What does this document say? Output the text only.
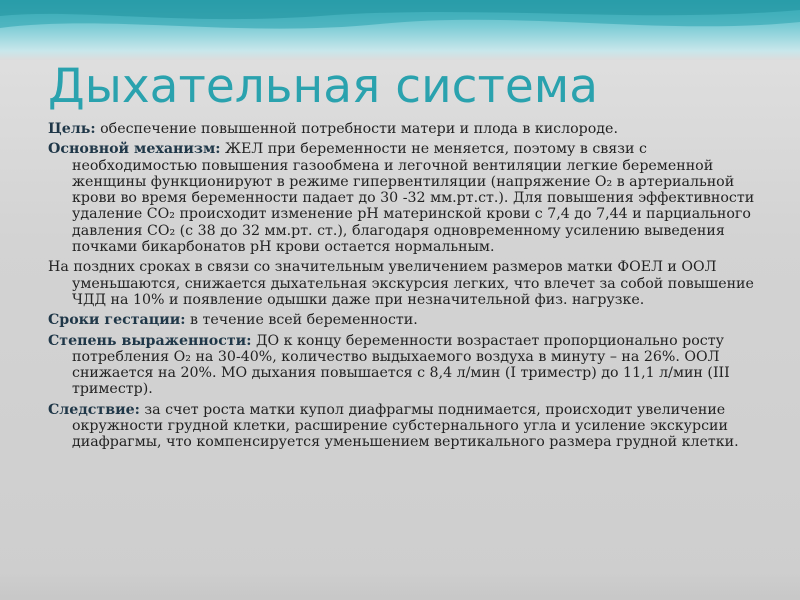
Дыхательная система

Цель: обеспечение повышенной потребности матери и плода в кислороде.

Основной механизм: ЖЕЛ при беременности не меняется, поэтому в связи с необходимостью повышения газообмена и легочной вентиляции легкие беременной женщины функционируют в режиме гипервентиляции (напряжение O₂ в артериальной крови во время беременности падает до 30 -32 мм.рт.ст.). Для повышения эффективности удаление CO₂ происходит изменение рН материнской крови с 7,4 до 7,44 и парциального давления CO₂ (с 38 до 32 мм.рт. ст.), благодаря одновременному усилению выведения почками бикарбонатов рН крови остается нормальным.

На поздних сроках в связи со значительным увеличением размеров матки ФОЕЛ и ООЛ уменьшаются, снижается дыхательная экскурсия легких, что влечет за собой повышение ЧДД на 10% и появление одышки даже при незначительной физ. нагрузке.

Сроки гестации: в течение всей беременности.

Степень выраженности: ДО к концу беременности возрастает пропорционально росту потребления O₂ на 30-40%, количество выдыхаемого воздуха в минуту – на 26%. ООЛ снижается на 20%. МО дыхания повышается с 8,4 л/мин (I триместр) до 11,1 л/мин (III триместр).

Следствие: за счет роста матки купол диафрагмы поднимается, происходит увеличение окружности грудной клетки, расширение субстернального угла и усиление экскурсии диафрагмы, что компенсируется уменьшением вертикального размера грудной клетки.
